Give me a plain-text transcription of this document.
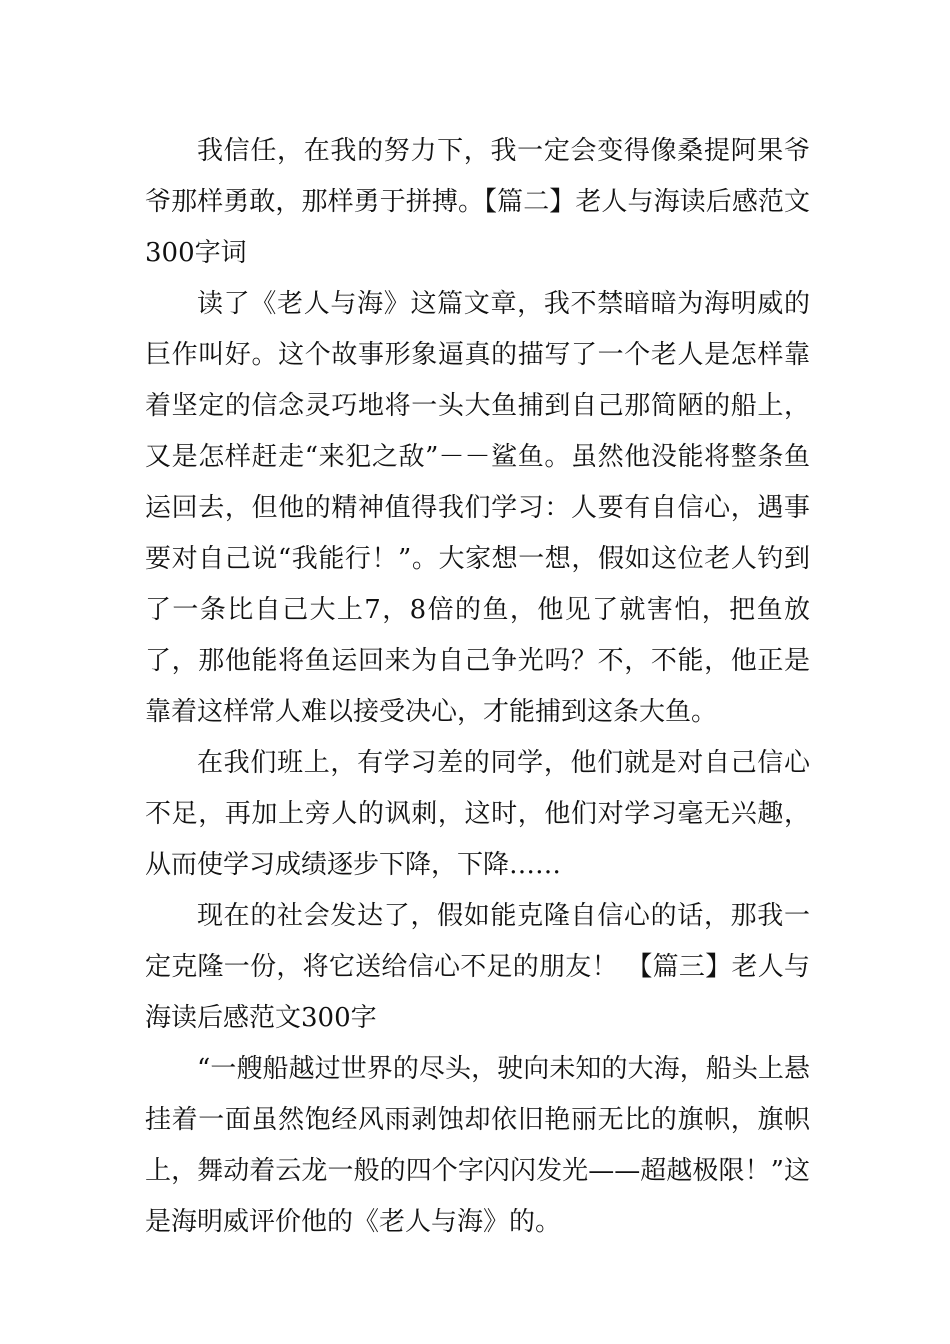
我信任，在我的努力下，我一定会变得像桑提阿果爷爷那样勇敢，那样勇于拼搏。【篇二】老人与海读后感范文300字词

读了《老人与海》这篇文章，我不禁暗暗为海明威的巨作叫好。这个故事形象逼真的描写了一个老人是怎样靠着坚定的信念灵巧地将一头大鱼捕到自己那简陋的船上，又是怎样赶走“来犯之敌”－－鲨鱼。虽然他没能将整条鱼运回去，但他的精神值得我们学习：人要有自信心，遇事要对自己说“我能行！”。大家想一想，假如这位老人钓到了一条比自己大上7，8倍的鱼，他见了就害怕，把鱼放了，那他能将鱼运回来为自己争光吗？不，不能，他正是靠着这样常人难以接受决心，才能捕到这条大鱼。

在我们班上，有学习差的同学，他们就是对自己信心不足，再加上旁人的讽刺，这时，他们对学习毫无兴趣，从而使学习成绩逐步下降，下降……

现在的社会发达了，假如能克隆自信心的话，那我一定克隆一份，将它送给信心不足的朋友！ 【篇三】老人与海读后感范文300字

“一艘船越过世界的尽头，驶向未知的大海，船头上悬挂着一面虽然饱经风雨剥蚀却依旧艳丽无比的旗帜，旗帜上，舞动着云龙一般的四个字闪闪发光——超越极限！”这是海明威评价他的《老人与海》的。
